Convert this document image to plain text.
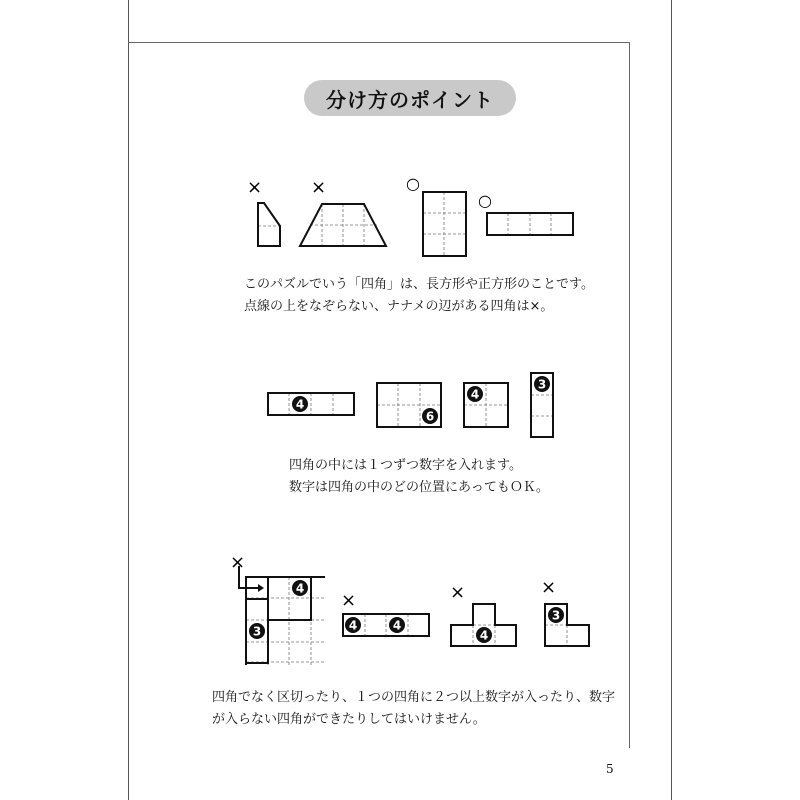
分け方のポイント
×	×	○
○
4
6
4
3
×
×	×	×
4
3	4	4
4
3
このパズルでいう「四角」は、長方形や正方形のことです。
点線の上をなぞらない、ナナメの辺がある四角は×。
四角の中には１つずつ数字を入れます。
数字は四角の中のどの位置にあってもＯＫ。
四角でなく区切ったり、１つの四角に２つ以上数字が入ったり、数字
が入らない四角ができたりしてはいけません。
5
